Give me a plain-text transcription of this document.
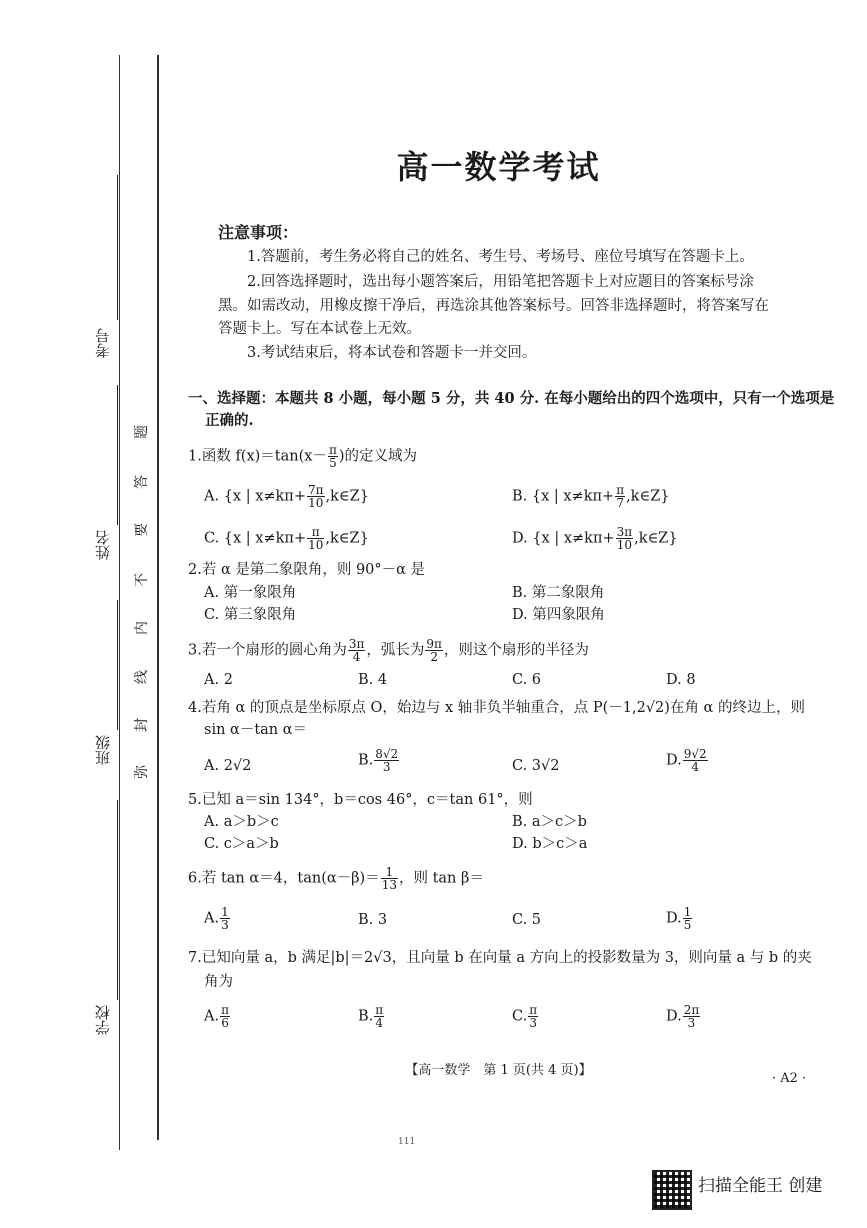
考号
姓名
班级
学校
题
答
要
不
内
线
封
弥
高一数学考试
注意事项：
1.答题前，考生务必将自己的姓名、考生号、考场号、座位号填写在答题卡上。
2.回答选择题时，选出每小题答案后，用铅笔把答题卡上对应题目的答案标号涂
黑。如需改动，用橡皮擦干净后，再选涂其他答案标号。回答非选择题时，将答案写在
答题卡上。写在本试卷上无效。
3.考试结束后，将本试卷和答题卡一并交回。
一、选择题：本题共 8 小题，每小题 5 分，共 40 分. 在每小题给出的四个选项中，只有一个选项是
正确的.
1.函数 $f(x)=\tan(x- \frac{\pi}{5}$ )的定义域为
A. {x | $x\ne k\pi+ \frac{7\pi}{10}$ ,k∈Z}	B. {x | $x\ne k\pi+ \frac{\pi}{7}$ ,k∈Z}
C. {x | $x\ne k\pi+ \frac{\pi}{10}$ ,k∈Z}	D. {x | $x\ne k\pi+ \frac{3\pi}{10}$ ,k∈Z}
2.若 α 是第二象限角，则 90°－α 是
A. 第一象限角	B. 第二象限角
C. 第三象限角	D. 第四象限角
3.若一个扇形的圆心角为 $\frac{3\pi}{4}$ ，弧长为 $\frac{9\pi}{2}$ ，则这个扇形的半径为
A. 2	B. 4	C. 6	D. 8
4.若角 α 的顶点是坐标原点 O，始边与 x 轴非负半轴重合，点 P(－1,2√2)在角 α 的终边上，则
sin α－tan α＝
A. 2√2	B. $\frac{8√2}{3}$	C. 3√2	D. $\frac{9√2}{4}$
5.已知 a＝sin 134°，b＝cos 46°，c＝tan 61°，则
A. a＞b＞c	B. a＞c＞b
C. c＞a＞b	D. b＞c＞a
6.若 tan α＝4，$\tan(\alpha-\beta)= \frac{1}{13}$ ，则 tan β＝
A. $\frac{1}{3}$	B. 3	C. 5	D. $\frac{1}{5}$
7.已知向量 a，b 满足|b|＝2√3，且向量 b 在向量 a 方向上的投影数量为 3，则向量 a 与 b 的夹
角为
A. $\frac{\pi}{6}$	B. $\frac{\pi}{4}$	C. $\frac{\pi}{3}$	D. $\frac{2\pi}{3}$
【高一数学　第 1 页(共 4 页)】
· A2 ·
111
扫描全能王 创建
